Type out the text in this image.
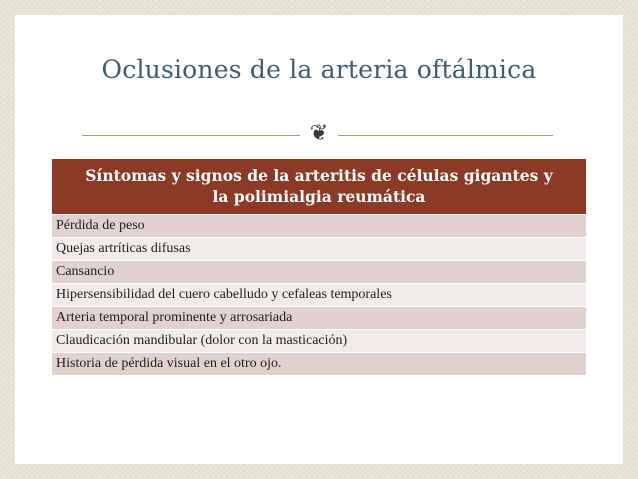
Oclusiones de la arteria oftálmica
❦
Síntomas y signos de la arteritis de células gigantes y
la polimialgia reumática
Pérdida de peso
Quejas artríticas difusas
Cansancio
Hipersensibilidad del cuero cabelludo y cefaleas temporales
Arteria temporal prominente y arrosariada
Claudicación mandibular (dolor con la masticación)
Historia de pérdida visual en el otro ojo.
